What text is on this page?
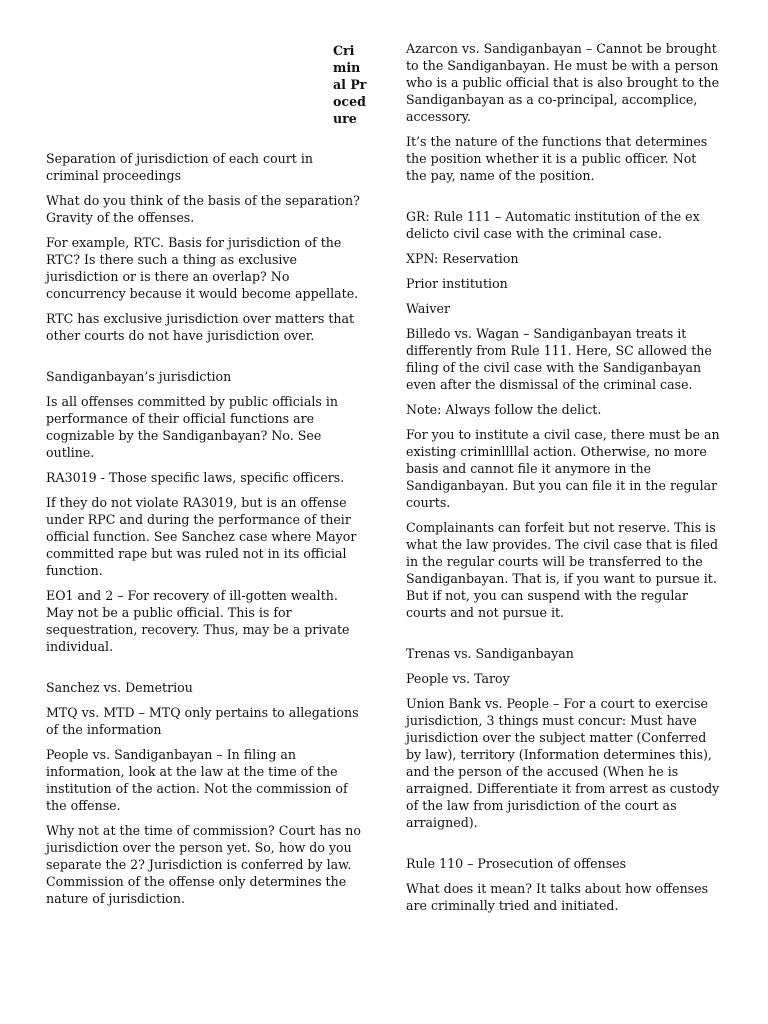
Criminal Procedure

Separation of jurisdiction of each court in criminal proceedings

What do you think of the basis of the separation? Gravity of the offenses.

For example, RTC. Basis for jurisdiction of the RTC? Is there such a thing as exclusive jurisdiction or is there an overlap? No concurrency because it would become appellate.

RTC has exclusive jurisdiction over matters that other courts do not have jurisdiction over.

Sandiganbayan’s jurisdiction

Is all offenses committed by public officials in performance of their official functions are cognizable by the Sandiganbayan? No. See outline.

RA3019 - Those specific laws, specific officers.

If they do not violate RA3019, but is an offense under RPC and during the performance of their official function. See Sanchez case where Mayor committed rape but was ruled not in its official function.

EO1 and 2 – For recovery of ill-gotten wealth. May not be a public official. This is for sequestration, recovery. Thus, may be a private individual.

Sanchez vs. Demetriou

MTQ vs. MTD – MTQ only pertains to allegations of the information

People vs. Sandiganbayan – In filing an information, look at the law at the time of the institution of the action. Not the commission of the offense.

Why not at the time of commission? Court has no jurisdiction over the person yet. So, how do you separate the 2? Jurisdiction is conferred by law. Commission of the offense only determines the nature of jurisdiction.

Azarcon vs. Sandiganbayan – Cannot be brought to the Sandiganbayan. He must be with a person who is a public official that is also brought to the Sandiganbayan as a co-principal, accomplice, accessory.

It’s the nature of the functions that determines the position whether it is a public officer. Not the pay, name of the position.

GR: Rule 111 – Automatic institution of the ex delicto civil case with the criminal case.

XPN: Reservation

Prior institution

Waiver

Billedo vs. Wagan – Sandiganbayan treats it differently from Rule 111. Here, SC allowed the filing of the civil case with the Sandiganbayan even after the dismissal of the criminal case.

Note: Always follow the delict.

For you to institute a civil case, there must be an existing criminllllal action. Otherwise, no more basis and cannot file it anymore in the Sandiganbayan. But you can file it in the regular courts.

Complainants can forfeit but not reserve. This is what the law provides. The civil case that is filed in the regular courts will be transferred to the Sandiganbayan. That is, if you want to pursue it. But if not, you can suspend with the regular courts and not pursue it.

Trenas vs. Sandiganbayan

People vs. Taroy

Union Bank vs. People – For a court to exercise jurisdiction, 3 things must concur: Must have jurisdiction over the subject matter (Conferred by law), territory (Information determines this), and the person of the accused (When he is arraigned. Differentiate it from arrest as custody of the law from jurisdiction of the court as arraigned).

Rule 110 – Prosecution of offenses

What does it mean? It talks about how offenses are criminally tried and initiated.
